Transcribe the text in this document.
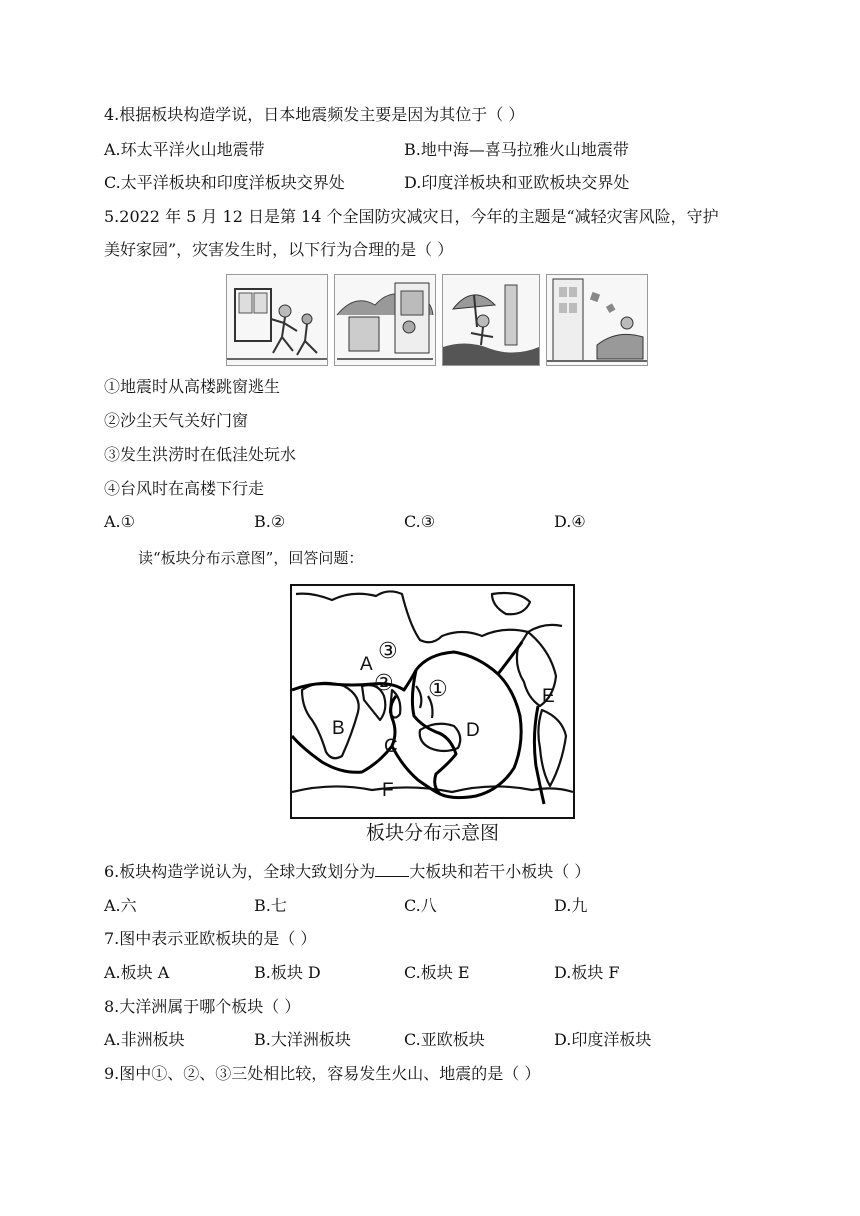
4.根据板块构造学说，日本地震频发主要是因为其位于（ ）
A.环太平洋火山地震带	B.地中海—喜马拉雅火山地震带
C.太平洋板块和印度洋板块交界处	D.印度洋板块和亚欧板块交界处
5.2022 年 5 月 12 日是第 14 个全国防灾减灾日，今年的主题是“减轻灾害风险，守护
美好家园”，灾害发生时，以下行为合理的是（ ）
①地震时从高楼跳窗逃生
②沙尘天气关好门窗
③发生洪涝时在低洼处玩水
④台风时在高楼下行走
A.①	B.②	C.③	D.④
读“板块分布示意图”，回答问题：
A
B
C
D
E
F
③
② ①
板块分布示意图
6.板块构造学说认为，全球大致划分为 大板块和若干小板块（ ）
A.六	B.七	C.八	D.九
7.图中表示亚欧板块的是（ ）
A.板块 A	B.板块 D	C.板块 E	D.板块 F
8.大洋洲属于哪个板块（ ）
A.非洲板块	B.大洋洲板块	C.亚欧板块	D.印度洋板块
9.图中①、②、③三处相比较，容易发生火山、地震的是（ ）
